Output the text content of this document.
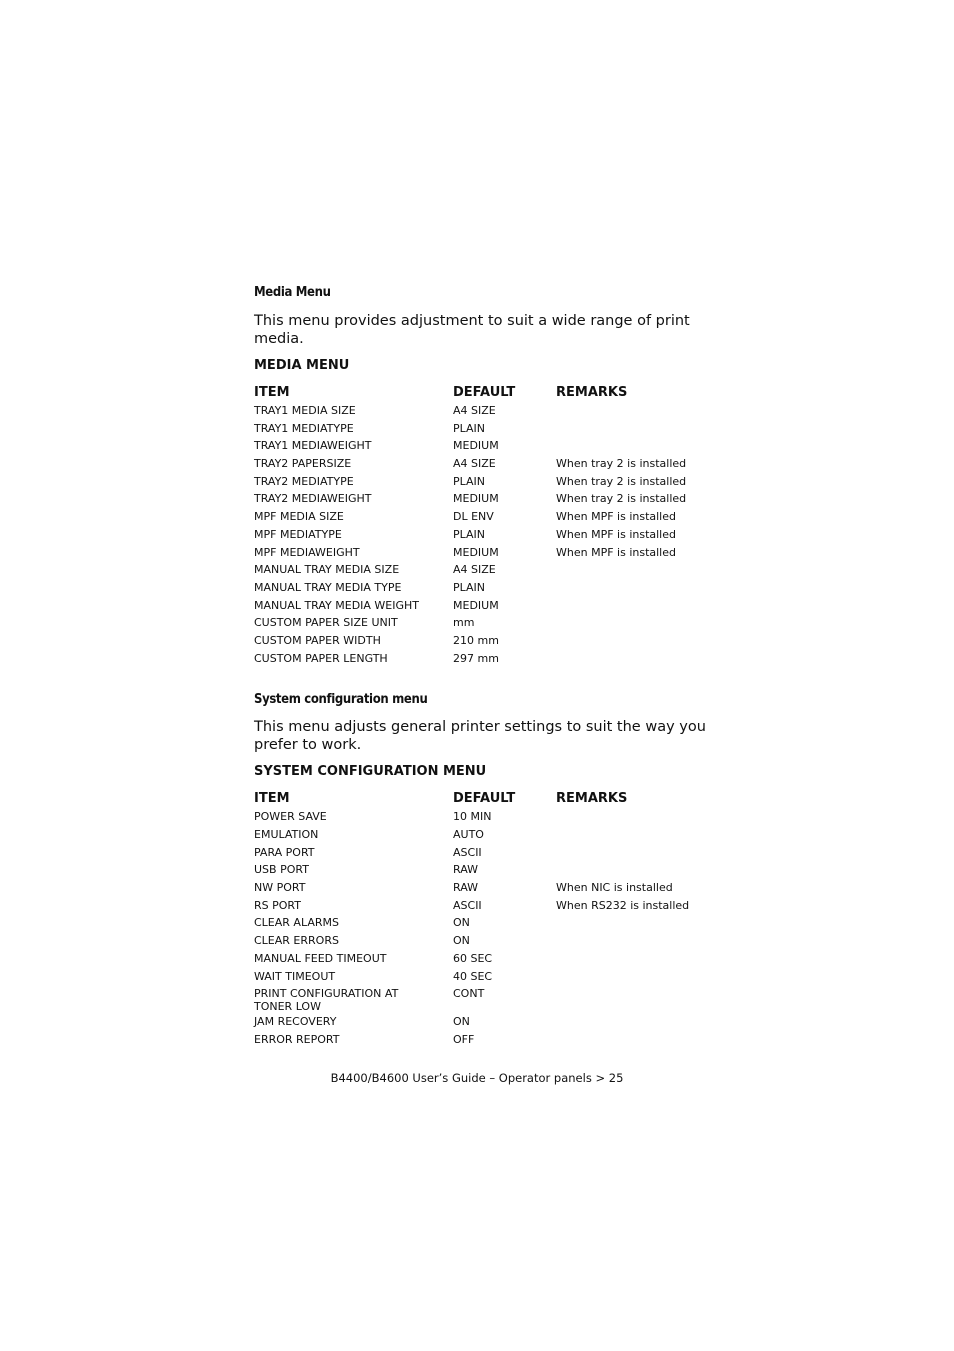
Media Menu

This menu provides adjustment to suit a wide range of print media.

MEDIA MENU
ITEM	DEFAULT	REMARKS
TRAY1 MEDIA SIZE	A4 SIZE	
TRAY1 MEDIATYPE	PLAIN	
TRAY1 MEDIAWEIGHT	MEDIUM	
TRAY2 PAPERSIZE	A4 SIZE	When tray 2 is installed
TRAY2 MEDIATYPE	PLAIN	When tray 2 is installed
TRAY2 MEDIAWEIGHT	MEDIUM	When tray 2 is installed
MPF MEDIA SIZE	DL ENV	When MPF is installed
MPF MEDIATYPE	PLAIN	When MPF is installed
MPF MEDIAWEIGHT	MEDIUM	When MPF is installed
MANUAL TRAY MEDIA SIZE	A4 SIZE	
MANUAL TRAY MEDIA TYPE	PLAIN	
MANUAL TRAY MEDIA WEIGHT	MEDIUM	
CUSTOM PAPER SIZE UNIT	mm	
CUSTOM PAPER WIDTH	210 mm	
CUSTOM PAPER LENGTH	297 mm	
System configuration menu

This menu adjusts general printer settings to suit the way you prefer to work.

SYSTEM CONFIGURATION MENU
ITEM	DEFAULT	REMARKS
POWER SAVE	10 MIN	
EMULATION	AUTO	
PARA PORT	ASCII	
USB PORT	RAW	
NW PORT	RAW	When NIC is installed
RS PORT	ASCII	When RS232 is installed
CLEAR ALARMS	ON	
CLEAR ERRORS	ON	
MANUAL FEED TIMEOUT	60 SEC	
WAIT TIMEOUT	40 SEC	
PRINT CONFIGURATION AT TONER LOW	CONT	
JAM RECOVERY	ON	
ERROR REPORT	OFF	
B4400/B4600 User’s Guide – Operator panels > 25
